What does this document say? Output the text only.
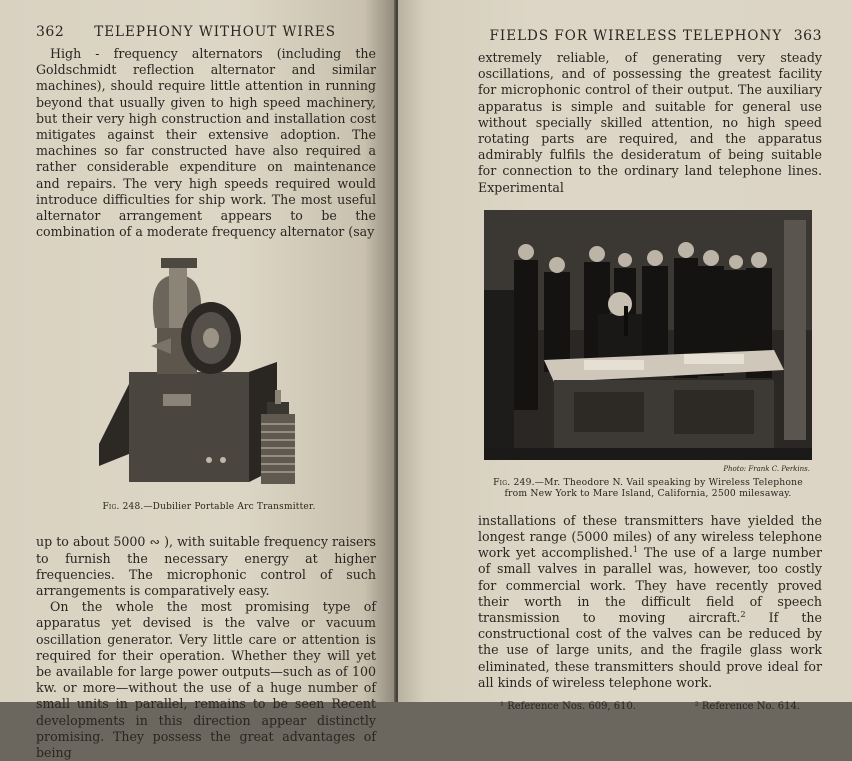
362 TELEPHONY WITHOUT WIRES

High - frequency alternators (including the Goldschmidt reflection alternator and similar machines), should require little attention in running beyond that usually given to high speed machinery, but their very high construction and installation cost mitigates against their extensive adoption. The machines so far constructed have also required a rather considerable expenditure on maintenance and repairs. The very high speeds required would introduce difficulties for ship work. The most useful alternator arrangement appears to be the combination of a moderate frequency alternator (say

Fig. 248.—Dubilier Portable Arc Transmitter.

up to about 5000 ∾ ), with suitable frequency raisers to furnish the necessary energy at higher frequencies. The microphonic control of such arrangements is comparatively easy.

On the whole the most promising type of apparatus yet devised is the valve or vacuum oscillation generator. Very little care or attention is required for their operation. Whether they will yet be available for large power outputs—such as of 100 kw. or more—without the use of a huge number of small units in parallel, remains to be seen Recent developments in this direction appear distinctly promising. They possess the great advantages of being

FIELDS FOR WIRELESS TELEPHONY 363

extremely reliable, of generating very steady oscillations, and of possessing the greatest facility for microphonic control of their output. The auxiliary apparatus is simple and suitable for general use without specially skilled attention, no high speed rotating parts are required, and the apparatus admirably fulfils the desideratum of being suitable for connection to the ordinary land telephone lines. Experimental

Photo: Frank C. Perkins.
Fig. 249.—Mr. Theodore N. Vail speaking by Wireless Telephone from New York to Mare Island, California, 2500 milesaway.

installations of these transmitters have yielded the longest range (5000 miles) of any wireless telephone work yet accomplished.$^1$ The use of a large number of small valves in parallel was, however, too costly for commercial work. They have recently proved their worth in the difficult field of speech transmission to moving aircraft.$^2$ If the constructional cost of the valves can be reduced by the use of large units, and the fragile glass work eliminated, these transmitters should prove ideal for all kinds of wireless telephone work.

¹ Reference Nos. 609, 610.	² Reference No. 614.
